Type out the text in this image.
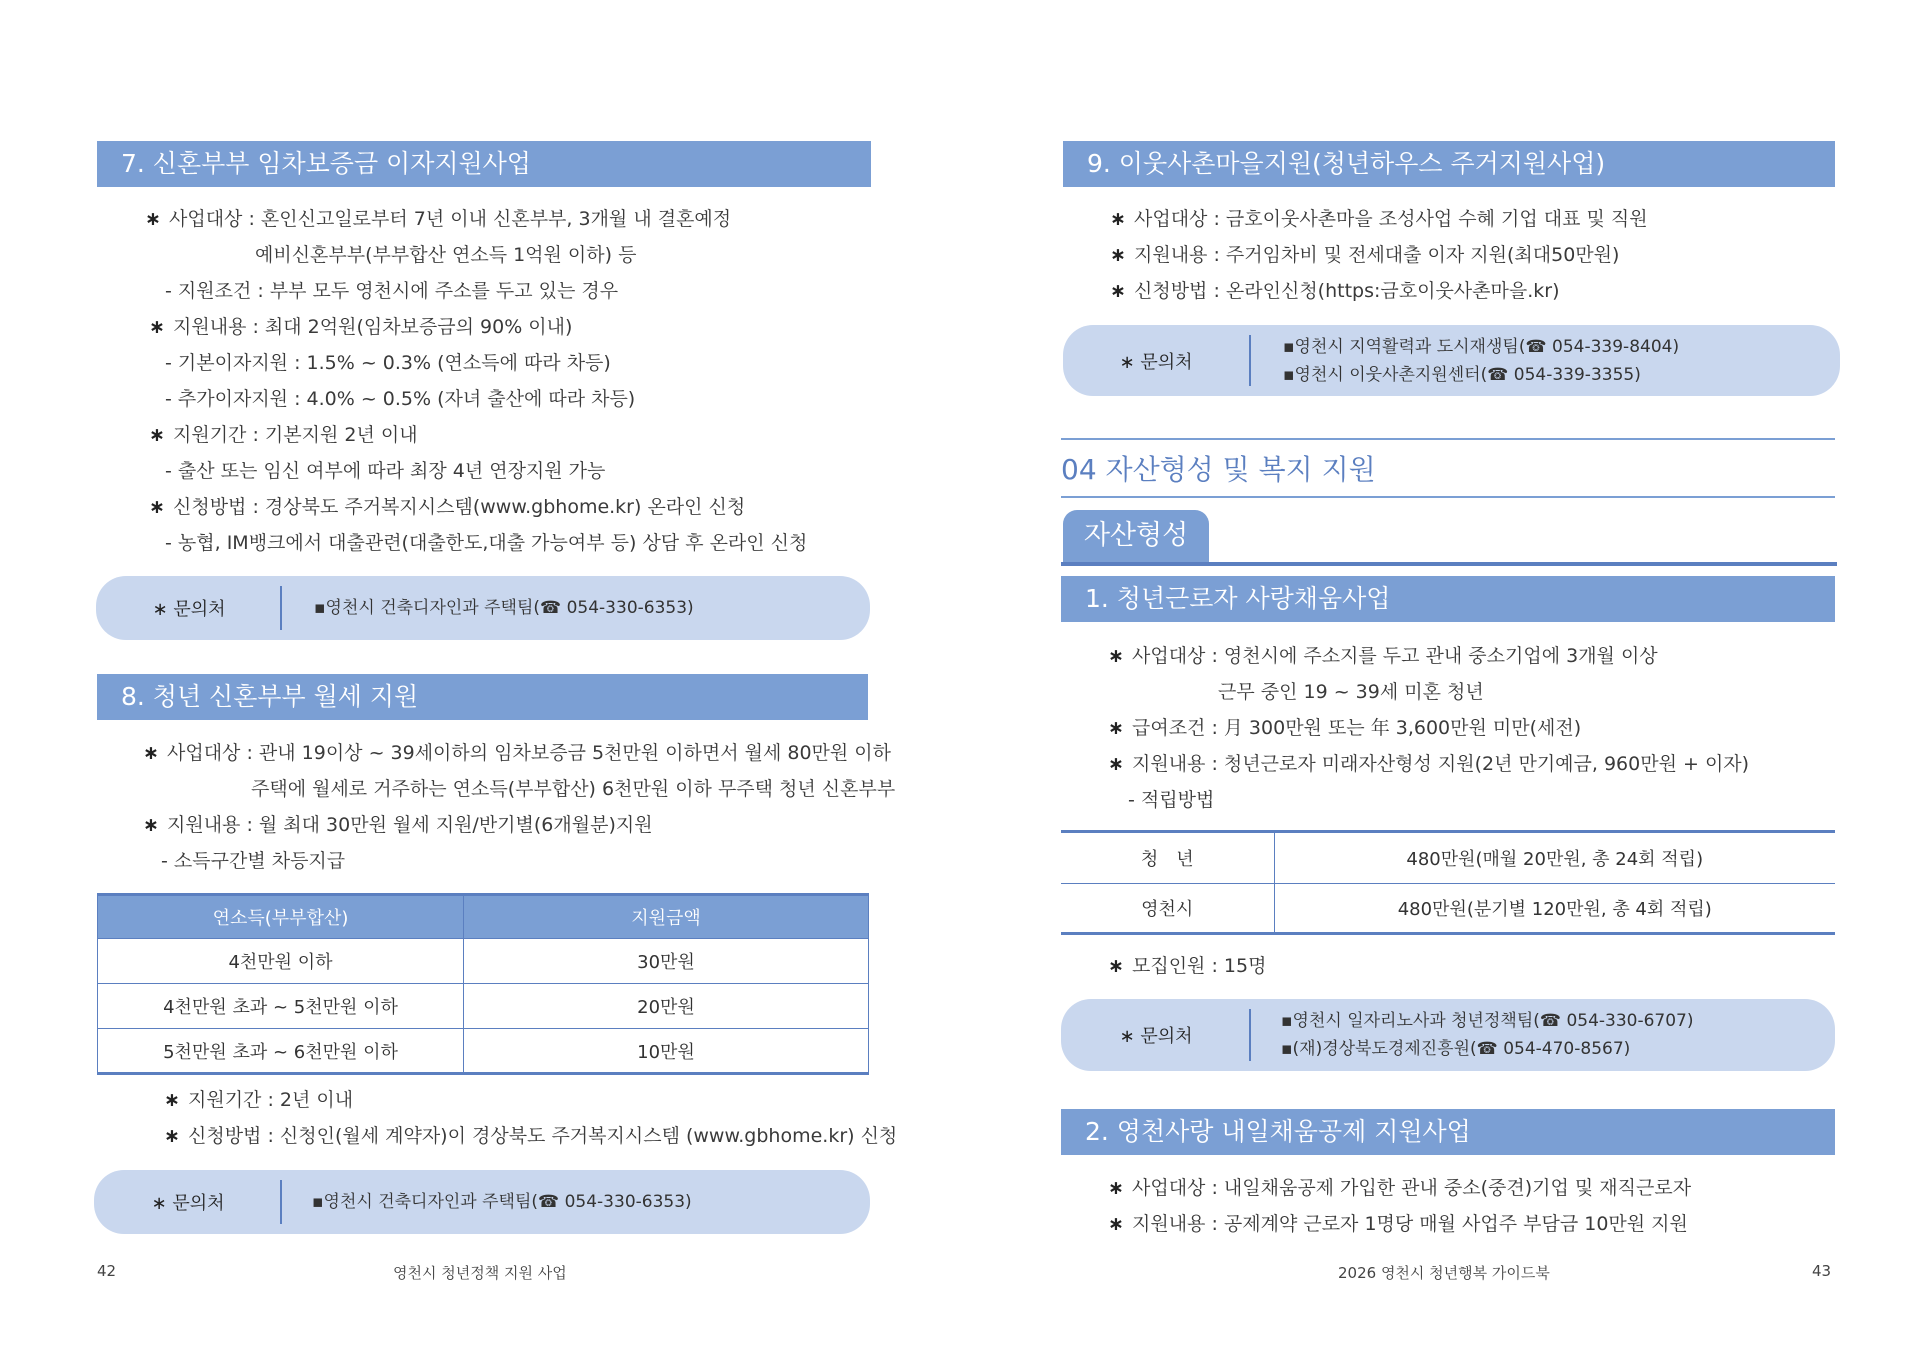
7. 신혼부부 임차보증금 이자지원사업
∗ 사업대상 : 혼인신고일로부터 7년 이내 신혼부부, 3개월 내 결혼예정
예비신혼부부(부부합산 연소득 1억원 이하) 등
- 지원조건 : 부부 모두 영천시에 주소를 두고 있는 경우
∗ 지원내용 : 최대 2억원(임차보증금의 90% 이내)
- 기본이자지원 : 1.5% ~ 0.3% (연소득에 따라 차등)
- 추가이자지원 : 4.0% ~ 0.5% (자녀 출산에 따라 차등)
∗ 지원기간 : 기본지원 2년 이내
- 출산 또는 임신 여부에 따라 최장 4년 연장지원 가능
∗ 신청방법 : 경상북도 주거복지시스템(www.gbhome.kr) 온라인 신청
- 농협, IM뱅크에서 대출관련(대출한도,대출 가능여부 등) 상담 후 온라인 신청
∗ 문의처	▪영천시 건축디자인과 주택팀(☎ 054-330-6353)
8. 청년 신혼부부 월세 지원
∗ 사업대상 : 관내 19이상 ~ 39세이하의 임차보증금 5천만원 이하면서 월세 80만원 이하
주택에 월세로 거주하는 연소득(부부합산) 6천만원 이하 무주택 청년 신혼부부
∗ 지원내용 : 월 최대 30만원 월세 지원/반기별(6개월분)지원
- 소득구간별 차등지급
연소득(부부합산)	지원금액
4천만원 이하	30만원
4천만원 초과 ~ 5천만원 이하	20만원
5천만원 초과 ~ 6천만원 이하	10만원
∗ 지원기간 : 2년 이내
∗ 신청방법 : 신청인(월세 계약자)이 경상북도 주거복지시스템 (www.gbhome.kr) 신청
∗ 문의처	▪영천시 건축디자인과 주택팀(☎ 054-330-6353)
42	영천시 청년정책 지원 사업
9. 이웃사촌마을지원(청년하우스 주거지원사업)
∗ 사업대상 : 금호이웃사촌마을 조성사업 수혜 기업 대표 및 직원
∗ 지원내용 : 주거임차비 및 전세대출 이자 지원(최대50만원)
∗ 신청방법 : 온라인신청(https:금호이웃사촌마을.kr)
∗ 문의처
▪영천시 지역활력과 도시재생팀(☎ 054-339-8404)
▪영천시 이웃사촌지원센터(☎ 054-339-3355)
04 자산형성 및 복지 지원
자산형성
1. 청년근로자 사랑채움사업
∗ 사업대상 : 영천시에 주소지를 두고 관내 중소기업에 3개월 이상
근무 중인 19 ~ 39세 미혼 청년
∗ 급여조건 : 月 300만원 또는 年 3,600만원 미만(세전)
∗ 지원내용 : 청년근로자 미래자산형성 지원(2년 만기예금, 960만원 + 이자)
- 적립방법
청　년	480만원(매월 20만원, 총 24회 적립)
영천시	480만원(분기별 120만원, 총 4회 적립)
∗ 모집인원 : 15명
∗ 문의처
▪영천시 일자리노사과 청년정책팀(☎ 054-330-6707)
▪(재)경상북도경제진흥원(☎ 054-470-8567)
2. 영천사랑 내일채움공제 지원사업
∗ 사업대상 : 내일채움공제 가입한 관내 중소(중견)기업 및 재직근로자
∗ 지원내용 : 공제계약 근로자 1명당 매월 사업주 부담금 10만원 지원
2026 영천시 청년행복 가이드북	43
